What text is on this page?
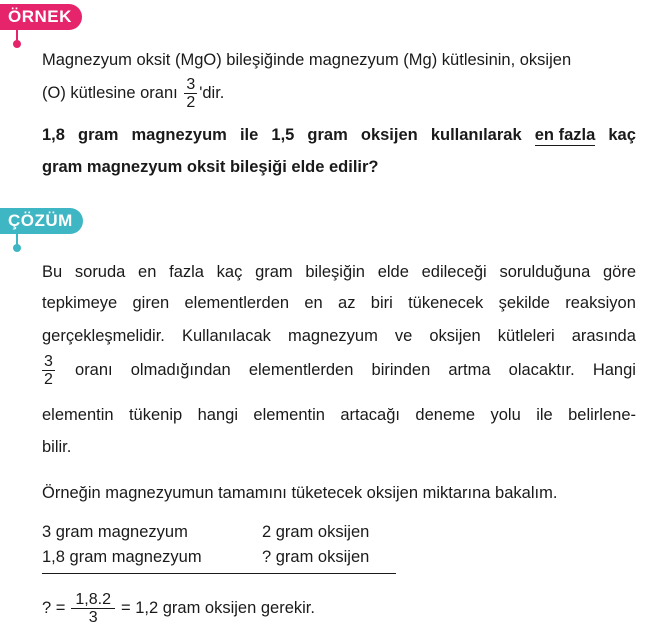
ÖRNEK
Magnezyum oksit (MgO) bileşiğinde magnezyum (Mg) kütlesinin, oksijen
(O) kütlesine oranı $\frac{3}{2}$ 'dir.
1,8 gram magnezyum ile 1,5 gram oksijen kullanılarak en fazla kaç
gram magnezyum oksit bileşiği elde edilir?
ÇÖZÜM
Bu soruda en fazla kaç gram bileşiğin elde edileceği sorulduğuna göre
tepkimeye giren elementlerden en az biri tükenecek şekilde reaksiyon
gerçekleşmelidir. Kullanılacak magnezyum ve oksijen kütleleri arasında
$\frac{3}{2}$ oranı olmadığından elementlerden birinden artma olacaktır. Hangi
elementin tükenip hangi elementin artacağı deneme yolu ile belirlene-
bilir.
Örneğin magnezyumun tamamını tüketecek oksijen miktarına bakalım.
3 gram magnezyum	2 gram oksijen
1,8 gram magnezyum	? gram oksijen
? = $\frac{1,8.2}{3} = 1,2$ gram oksijen gerekir.
